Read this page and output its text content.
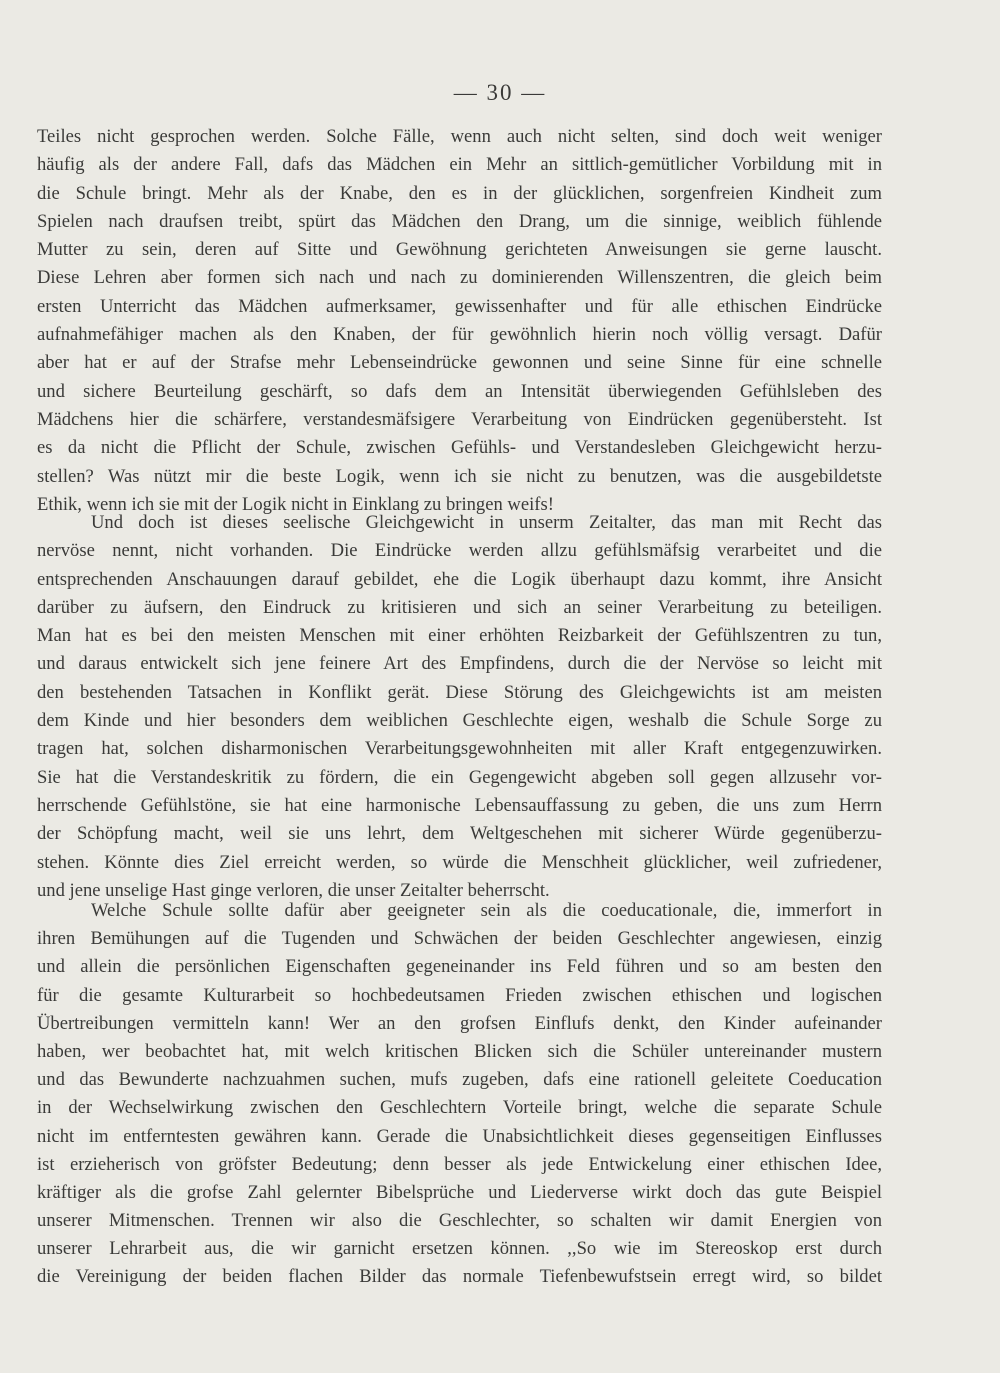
— 30 —
Teiles nicht gesprochen werden. Solche Fälle, wenn auch nicht selten, sind doch weit weniger
häufig als der andere Fall, dafs das Mädchen ein Mehr an sittlich-gemütlicher Vorbildung mit in
die Schule bringt. Mehr als der Knabe, den es in der glücklichen, sorgenfreien Kindheit zum
Spielen nach draufsen treibt, spürt das Mädchen den Drang, um die sinnige, weiblich fühlende
Mutter zu sein, deren auf Sitte und Gewöhnung gerichteten Anweisungen sie gerne lauscht.
Diese Lehren aber formen sich nach und nach zu dominierenden Willenszentren, die gleich beim
ersten Unterricht das Mädchen aufmerksamer, gewissenhafter und für alle ethischen Eindrücke
aufnahmefähiger machen als den Knaben, der für gewöhnlich hierin noch völlig versagt. Dafür
aber hat er auf der Strafse mehr Lebenseindrücke gewonnen und seine Sinne für eine schnelle
und sichere Beurteilung geschärft, so dafs dem an Intensität überwiegenden Gefühlsleben des
Mädchens hier die schärfere, verstandesmäfsigere Verarbeitung von Eindrücken gegenübersteht. Ist
es da nicht die Pflicht der Schule, zwischen Gefühls- und Verstandesleben Gleichgewicht herzu-
stellen? Was nützt mir die beste Logik, wenn ich sie nicht zu benutzen, was die ausgebildetste
Ethik, wenn ich sie mit der Logik nicht in Einklang zu bringen weifs!
Und doch ist dieses seelische Gleichgewicht in unserm Zeitalter, das man mit Recht das
nervöse nennt, nicht vorhanden. Die Eindrücke werden allzu gefühlsmäfsig verarbeitet und die
entsprechenden Anschauungen darauf gebildet, ehe die Logik überhaupt dazu kommt, ihre Ansicht
darüber zu äufsern, den Eindruck zu kritisieren und sich an seiner Verarbeitung zu beteiligen.
Man hat es bei den meisten Menschen mit einer erhöhten Reizbarkeit der Gefühlszentren zu tun,
und daraus entwickelt sich jene feinere Art des Empfindens, durch die der Nervöse so leicht mit
den bestehenden Tatsachen in Konflikt gerät. Diese Störung des Gleichgewichts ist am meisten
dem Kinde und hier besonders dem weiblichen Geschlechte eigen, weshalb die Schule Sorge zu
tragen hat, solchen disharmonischen Verarbeitungsgewohnheiten mit aller Kraft entgegenzuwirken.
Sie hat die Verstandeskritik zu fördern, die ein Gegengewicht abgeben soll gegen allzusehr vor-
herrschende Gefühlstöne, sie hat eine harmonische Lebensauffassung zu geben, die uns zum Herrn
der Schöpfung macht, weil sie uns lehrt, dem Weltgeschehen mit sicherer Würde gegenüberzu-
stehen. Könnte dies Ziel erreicht werden, so würde die Menschheit glücklicher, weil zufriedener,
und jene unselige Hast ginge verloren, die unser Zeitalter beherrscht.
Welche Schule sollte dafür aber geeigneter sein als die coeducationale, die, immerfort in
ihren Bemühungen auf die Tugenden und Schwächen der beiden Geschlechter angewiesen, einzig
und allein die persönlichen Eigenschaften gegeneinander ins Feld führen und so am besten den
für die gesamte Kulturarbeit so hochbedeutsamen Frieden zwischen ethischen und logischen
Übertreibungen vermitteln kann! Wer an den grofsen Einflufs denkt, den Kinder aufeinander
haben, wer beobachtet hat, mit welch kritischen Blicken sich die Schüler untereinander mustern
und das Bewunderte nachzuahmen suchen, mufs zugeben, dafs eine rationell geleitete Coeducation
in der Wechselwirkung zwischen den Geschlechtern Vorteile bringt, welche die separate Schule
nicht im entferntesten gewähren kann. Gerade die Unabsichtlichkeit dieses gegenseitigen Einflusses
ist erzieherisch von gröfster Bedeutung; denn besser als jede Entwickelung einer ethischen Idee,
kräftiger als die grofse Zahl gelernter Bibelsprüche und Liederverse wirkt doch das gute Beispiel
unserer Mitmenschen. Trennen wir also die Geschlechter, so schalten wir damit Energien von
unserer Lehrarbeit aus, die wir garnicht ersetzen können. ,,So wie im Stereoskop erst durch
die Vereinigung der beiden flachen Bilder das normale Tiefenbewufstsein erregt wird, so bildet
